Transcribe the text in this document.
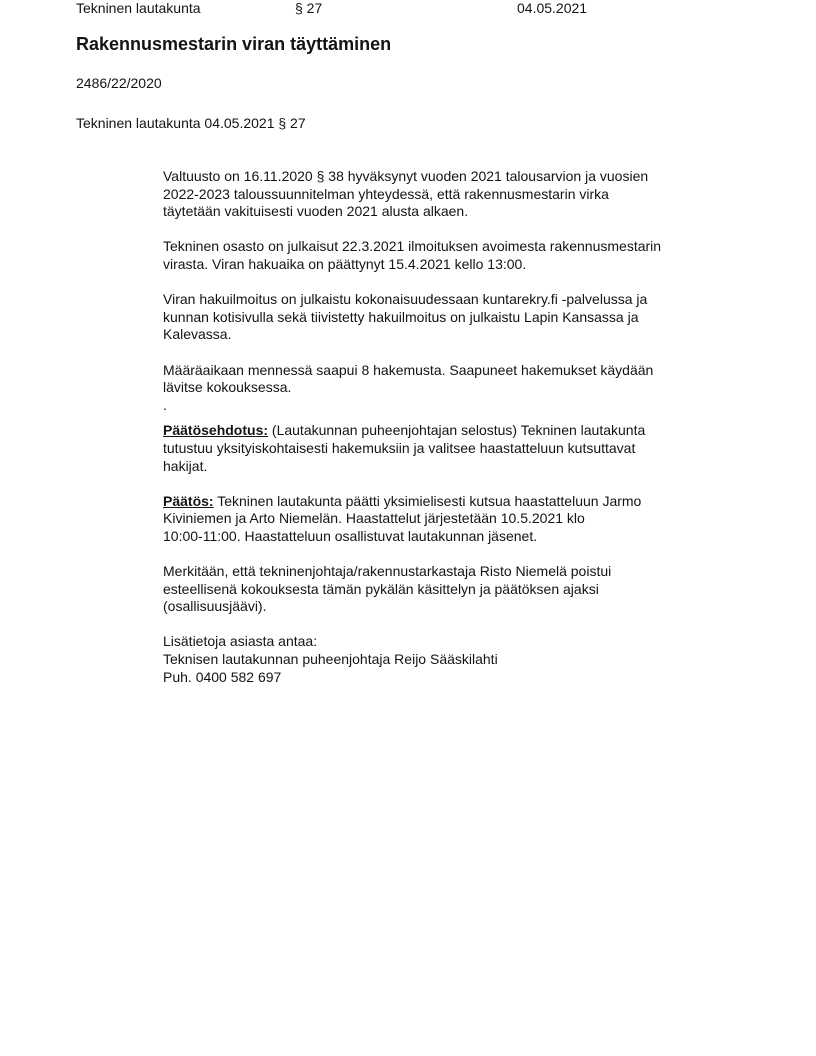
Tekninen lautakunta	§ 27	04.05.2021
Rakennusmestarin viran täyttäminen
2486/22/2020
Tekninen lautakunta 04.05.2021 § 27

Valtuusto on 16.11.2020 § 38 hyväksynyt vuoden 2021 talousarvion ja vuosien
2022-2023 taloussuunnitelman yhteydessä, että rakennusmestarin virka
täytetään vakituisesti vuoden 2021 alusta alkaen.

Tekninen osasto on julkaisut 22.3.2021 ilmoituksen avoimesta rakennusmestarin
virasta. Viran hakuaika on päättynyt 15.4.2021 kello 13:00.

Viran hakuilmoitus on julkaistu kokonaisuudessaan kuntarekry.fi -palvelussa ja
kunnan kotisivulla sekä tiivistetty hakuilmoitus on julkaistu Lapin Kansassa ja
Kalevassa.

Määräaikaan mennessä saapui 8 hakemusta. Saapuneet hakemukset käydään
lävitse kokouksessa.

.

Päätösehdotus: (Lautakunnan puheenjohtajan selostus) Tekninen lautakunta
tutustuu yksityiskohtaisesti hakemuksiin ja valitsee haastatteluun kutsuttavat
hakijat.

Päätös: Tekninen lautakunta päätti yksimielisesti kutsua haastatteluun Jarmo
Kiviniemen ja Arto Niemelän. Haastattelut järjestetään 10.5.2021 klo
10:00-11:00. Haastatteluun osallistuvat lautakunnan jäsenet.

Merkitään, että tekninenjohtaja/rakennustarkastaja Risto Niemelä poistui
esteellisenä kokouksesta tämän pykälän käsittelyn ja päätöksen ajaksi
(osallisuusjäävi).

Lisätietoja asiasta antaa:
Teknisen lautakunnan puheenjohtaja Reijo Sääskilahti
Puh. 0400 582 697
